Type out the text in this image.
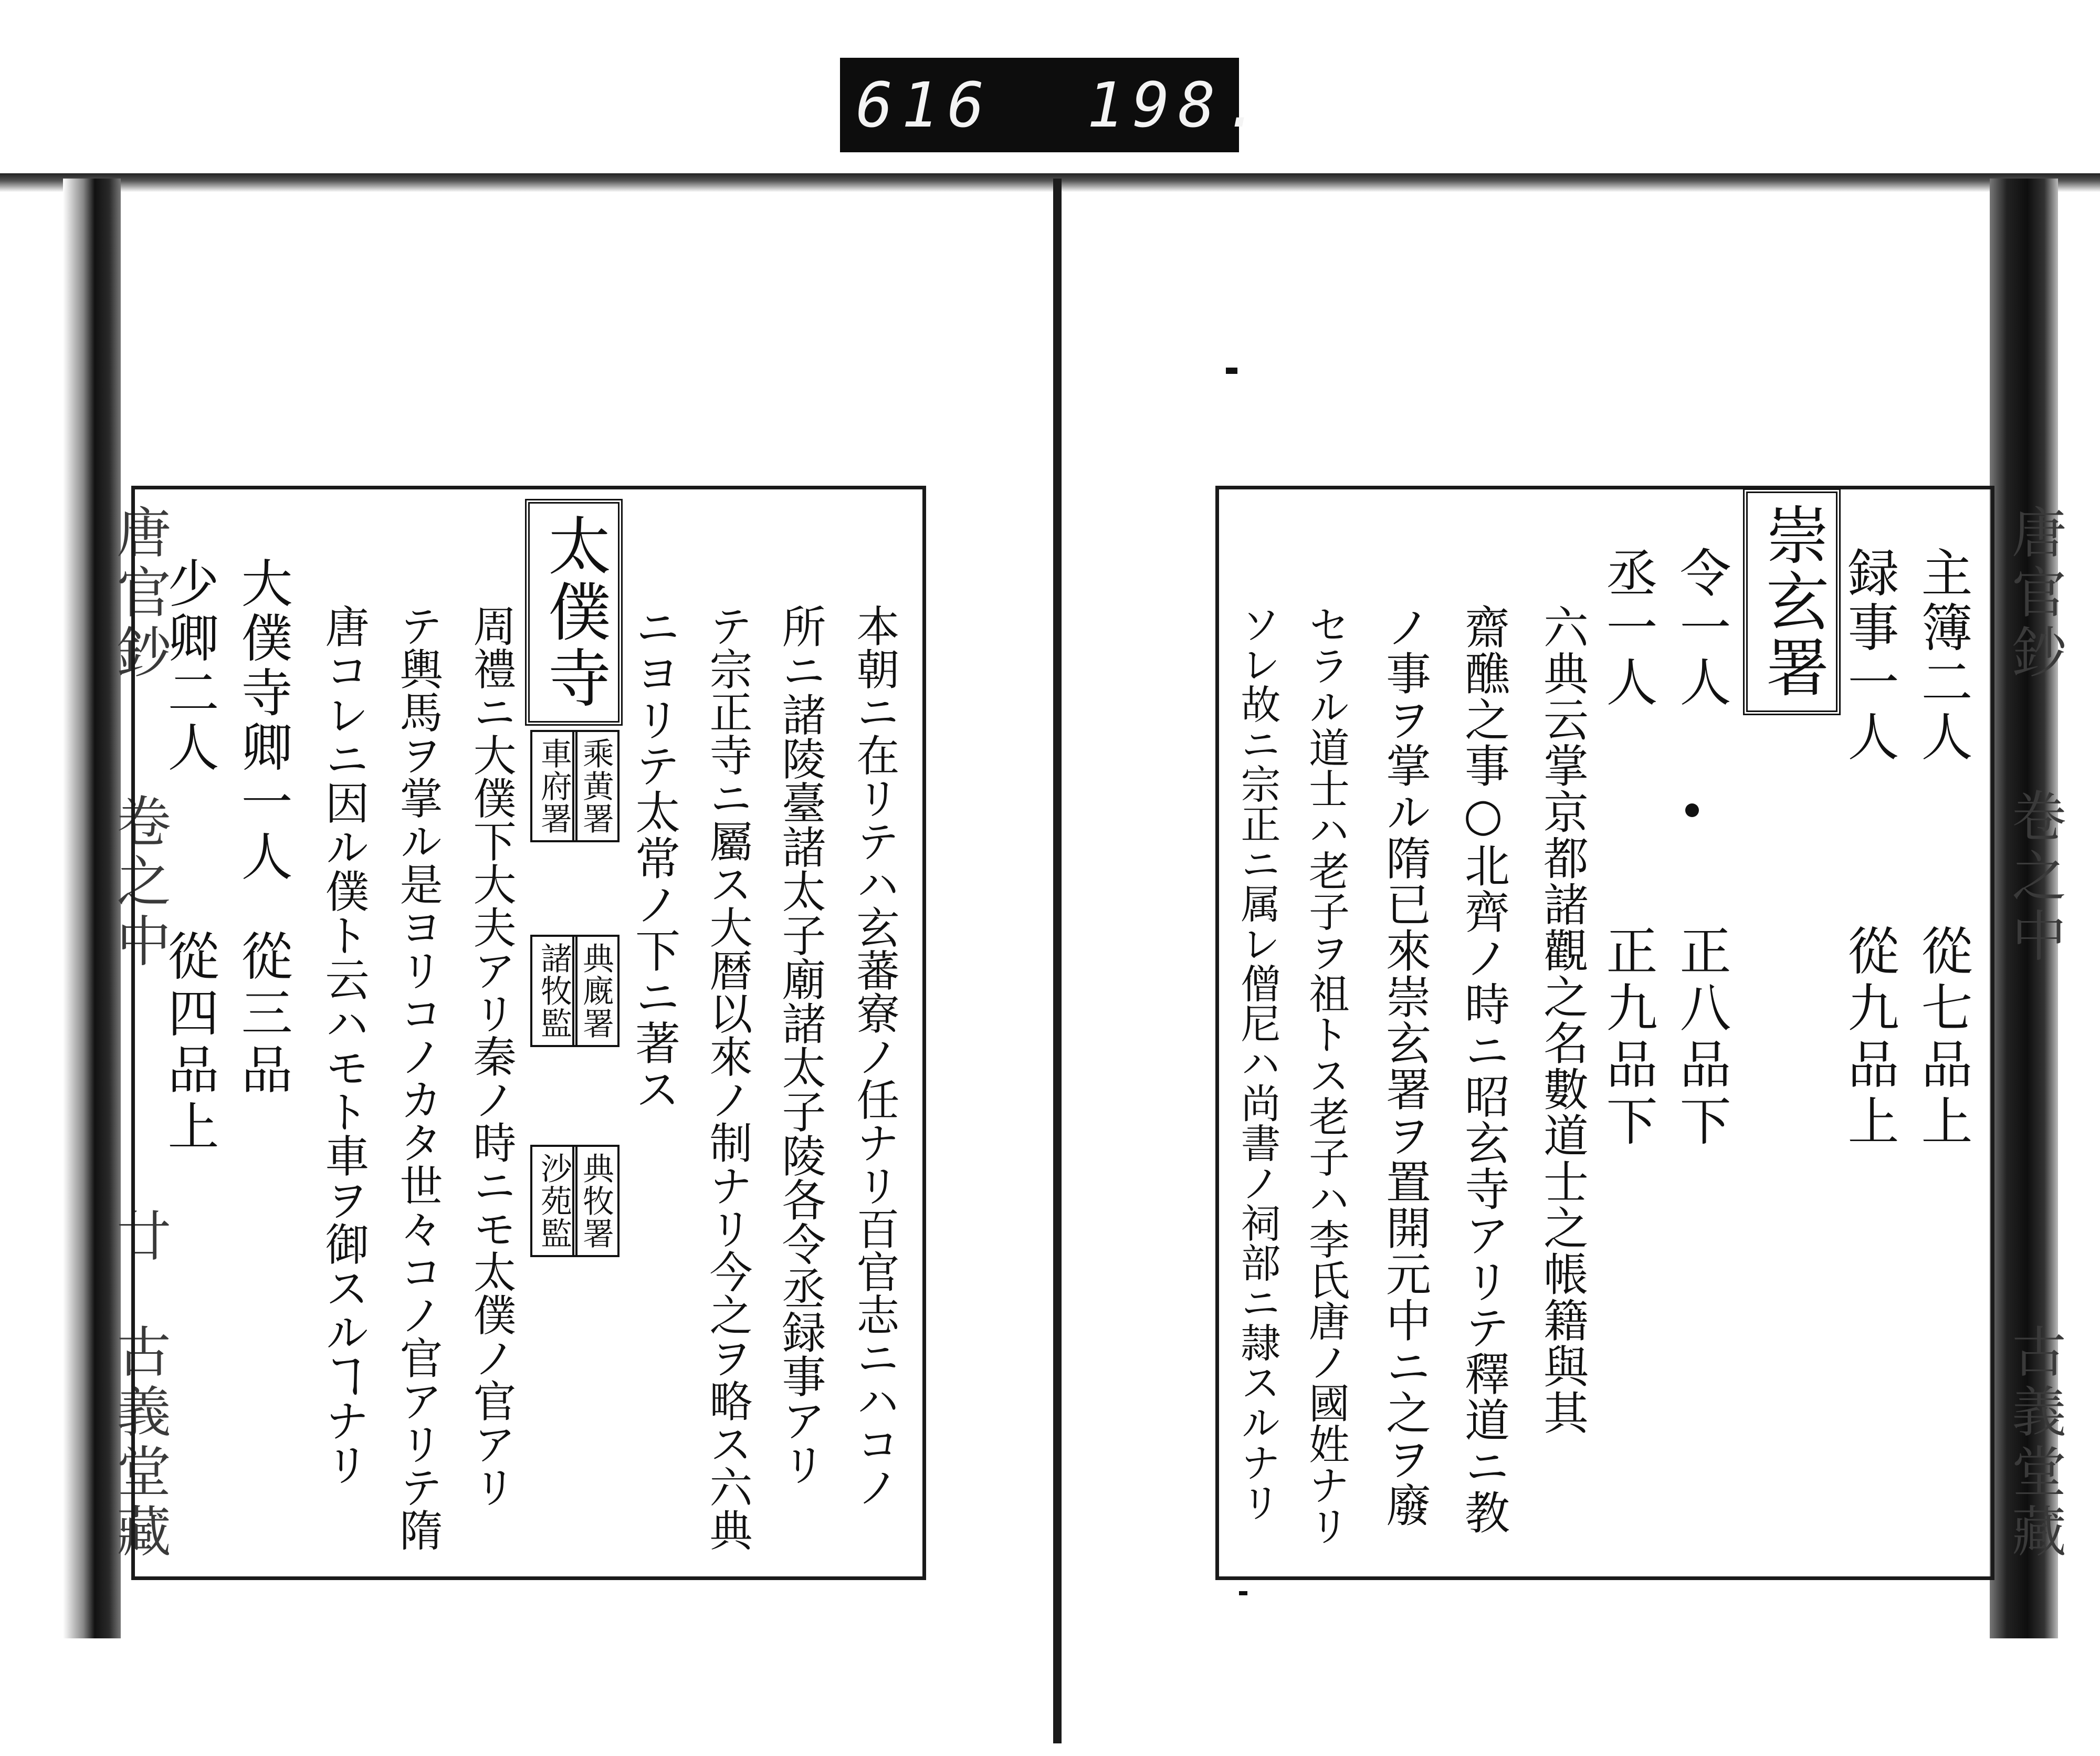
616 198.
唐官鈔
卷之中
廿
古義堂藏
唐官鈔
卷之中
古義堂藏
主簿二人
從七品上
録事一人
從九品上
崇玄署
令一人
正八品下
丞一人
正九品下
六典云掌京都諸觀之名數道士之帳籍與其
齋醮之事○北齊ノ時ニ昭玄寺アリテ釋道ニ教
ノ事ヲ掌ル隋已來崇玄署ヲ置開元中ニ之ヲ廢
セラル道士ハ老子ヲ祖トス老子ハ李氏唐ノ國姓ナリ
ソレ故ニ宗正ニ属レ僧尼ハ尚書ノ祠部ニ隷スルナリ
本朝ニ在リテハ玄蕃寮ノ任ナリ百官志ニハコノ
所ニ諸陵臺諸太子廟諸太子陵各令丞録事アリ
テ宗正寺ニ屬ス大暦以來ノ制ナリ今之ヲ略ス六典
ニヨリテ太常ノ下ニ著ス
太僕寺
乘黄署
車府署
典廐署
諸牧監
典牧署
沙苑監
周禮ニ大僕下大夫アリ秦ノ時ニモ太僕ノ官アリ
テ輿馬ヲ掌ル是ヨリコノカタ世々コノ官アリテ隋
唐コレニ因ル僕ト云ハモト車ヲ御スルヿナリ
大僕寺卿一人
從三品
少卿二人
從四品上
